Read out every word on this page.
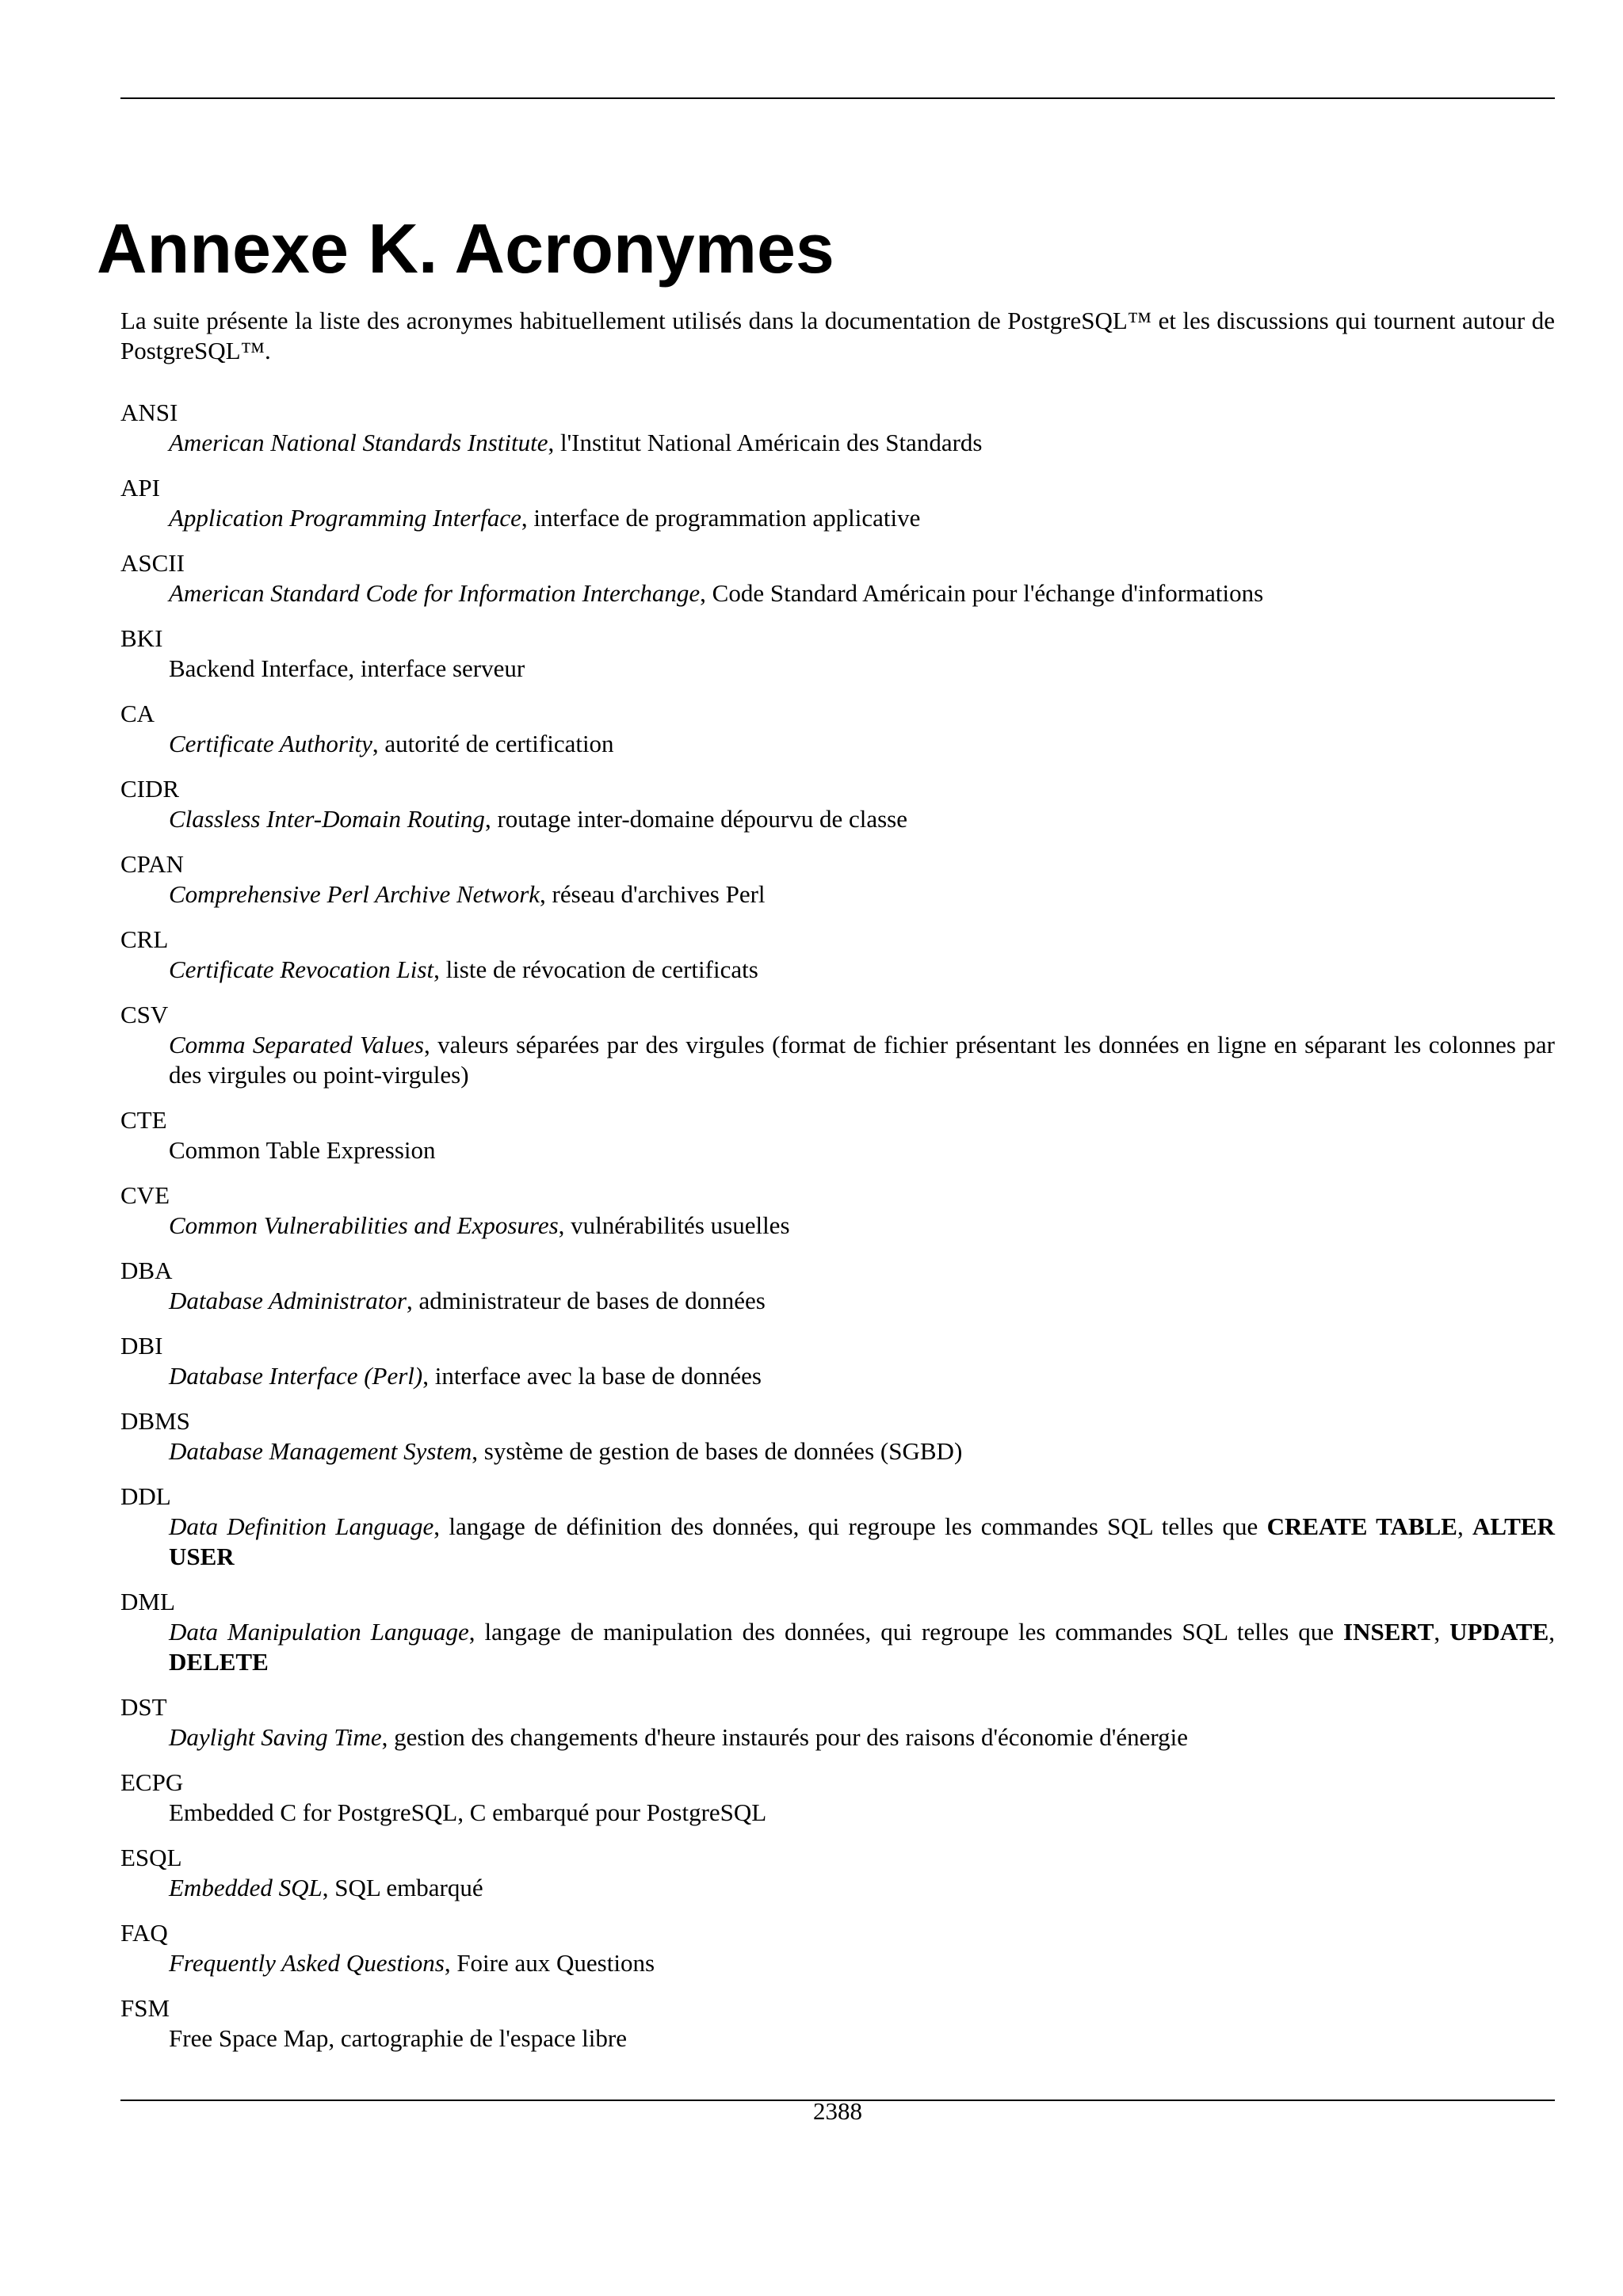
Annexe K. Acronymes

La suite présente la liste des acronymes habituellement utilisés dans la documentation de PostgreSQL™ et les discussions qui tournent autour de PostgreSQL™.

ANSI
American National Standards Institute, l'Institut National Américain des Standards
API
Application Programming Interface, interface de programmation applicative
ASCII
American Standard Code for Information Interchange, Code Standard Américain pour l'échange d'informations
BKI
Backend Interface, interface serveur
CA
Certificate Authority, autorité de certification
CIDR
Classless Inter-Domain Routing, routage inter-domaine dépourvu de classe
CPAN
Comprehensive Perl Archive Network, réseau d'archives Perl
CRL
Certificate Revocation List, liste de révocation de certificats
CSV
Comma Separated Values, valeurs séparées par des virgules (format de fichier présentant les données en ligne en séparant les colonnes par des virgules ou point-virgules)
CTE
Common Table Expression
CVE
Common Vulnerabilities and Exposures, vulnérabilités usuelles
DBA
Database Administrator, administrateur de bases de données
DBI
Database Interface (Perl), interface avec la base de données
DBMS
Database Management System, système de gestion de bases de données (SGBD)
DDL
Data Definition Language, langage de définition des données, qui regroupe les commandes SQL telles que CREATE TABLE, ALTER USER
DML
Data Manipulation Language, langage de manipulation des données, qui regroupe les commandes SQL telles que INSERT, UPDATE, DELETE
DST
Daylight Saving Time, gestion des changements d'heure instaurés pour des raisons d'économie d'énergie
ECPG
Embedded C for PostgreSQL, C embarqué pour PostgreSQL
ESQL
Embedded SQL, SQL embarqué
FAQ
Frequently Asked Questions, Foire aux Questions
FSM
Free Space Map, cartographie de l'espace libre
2388
